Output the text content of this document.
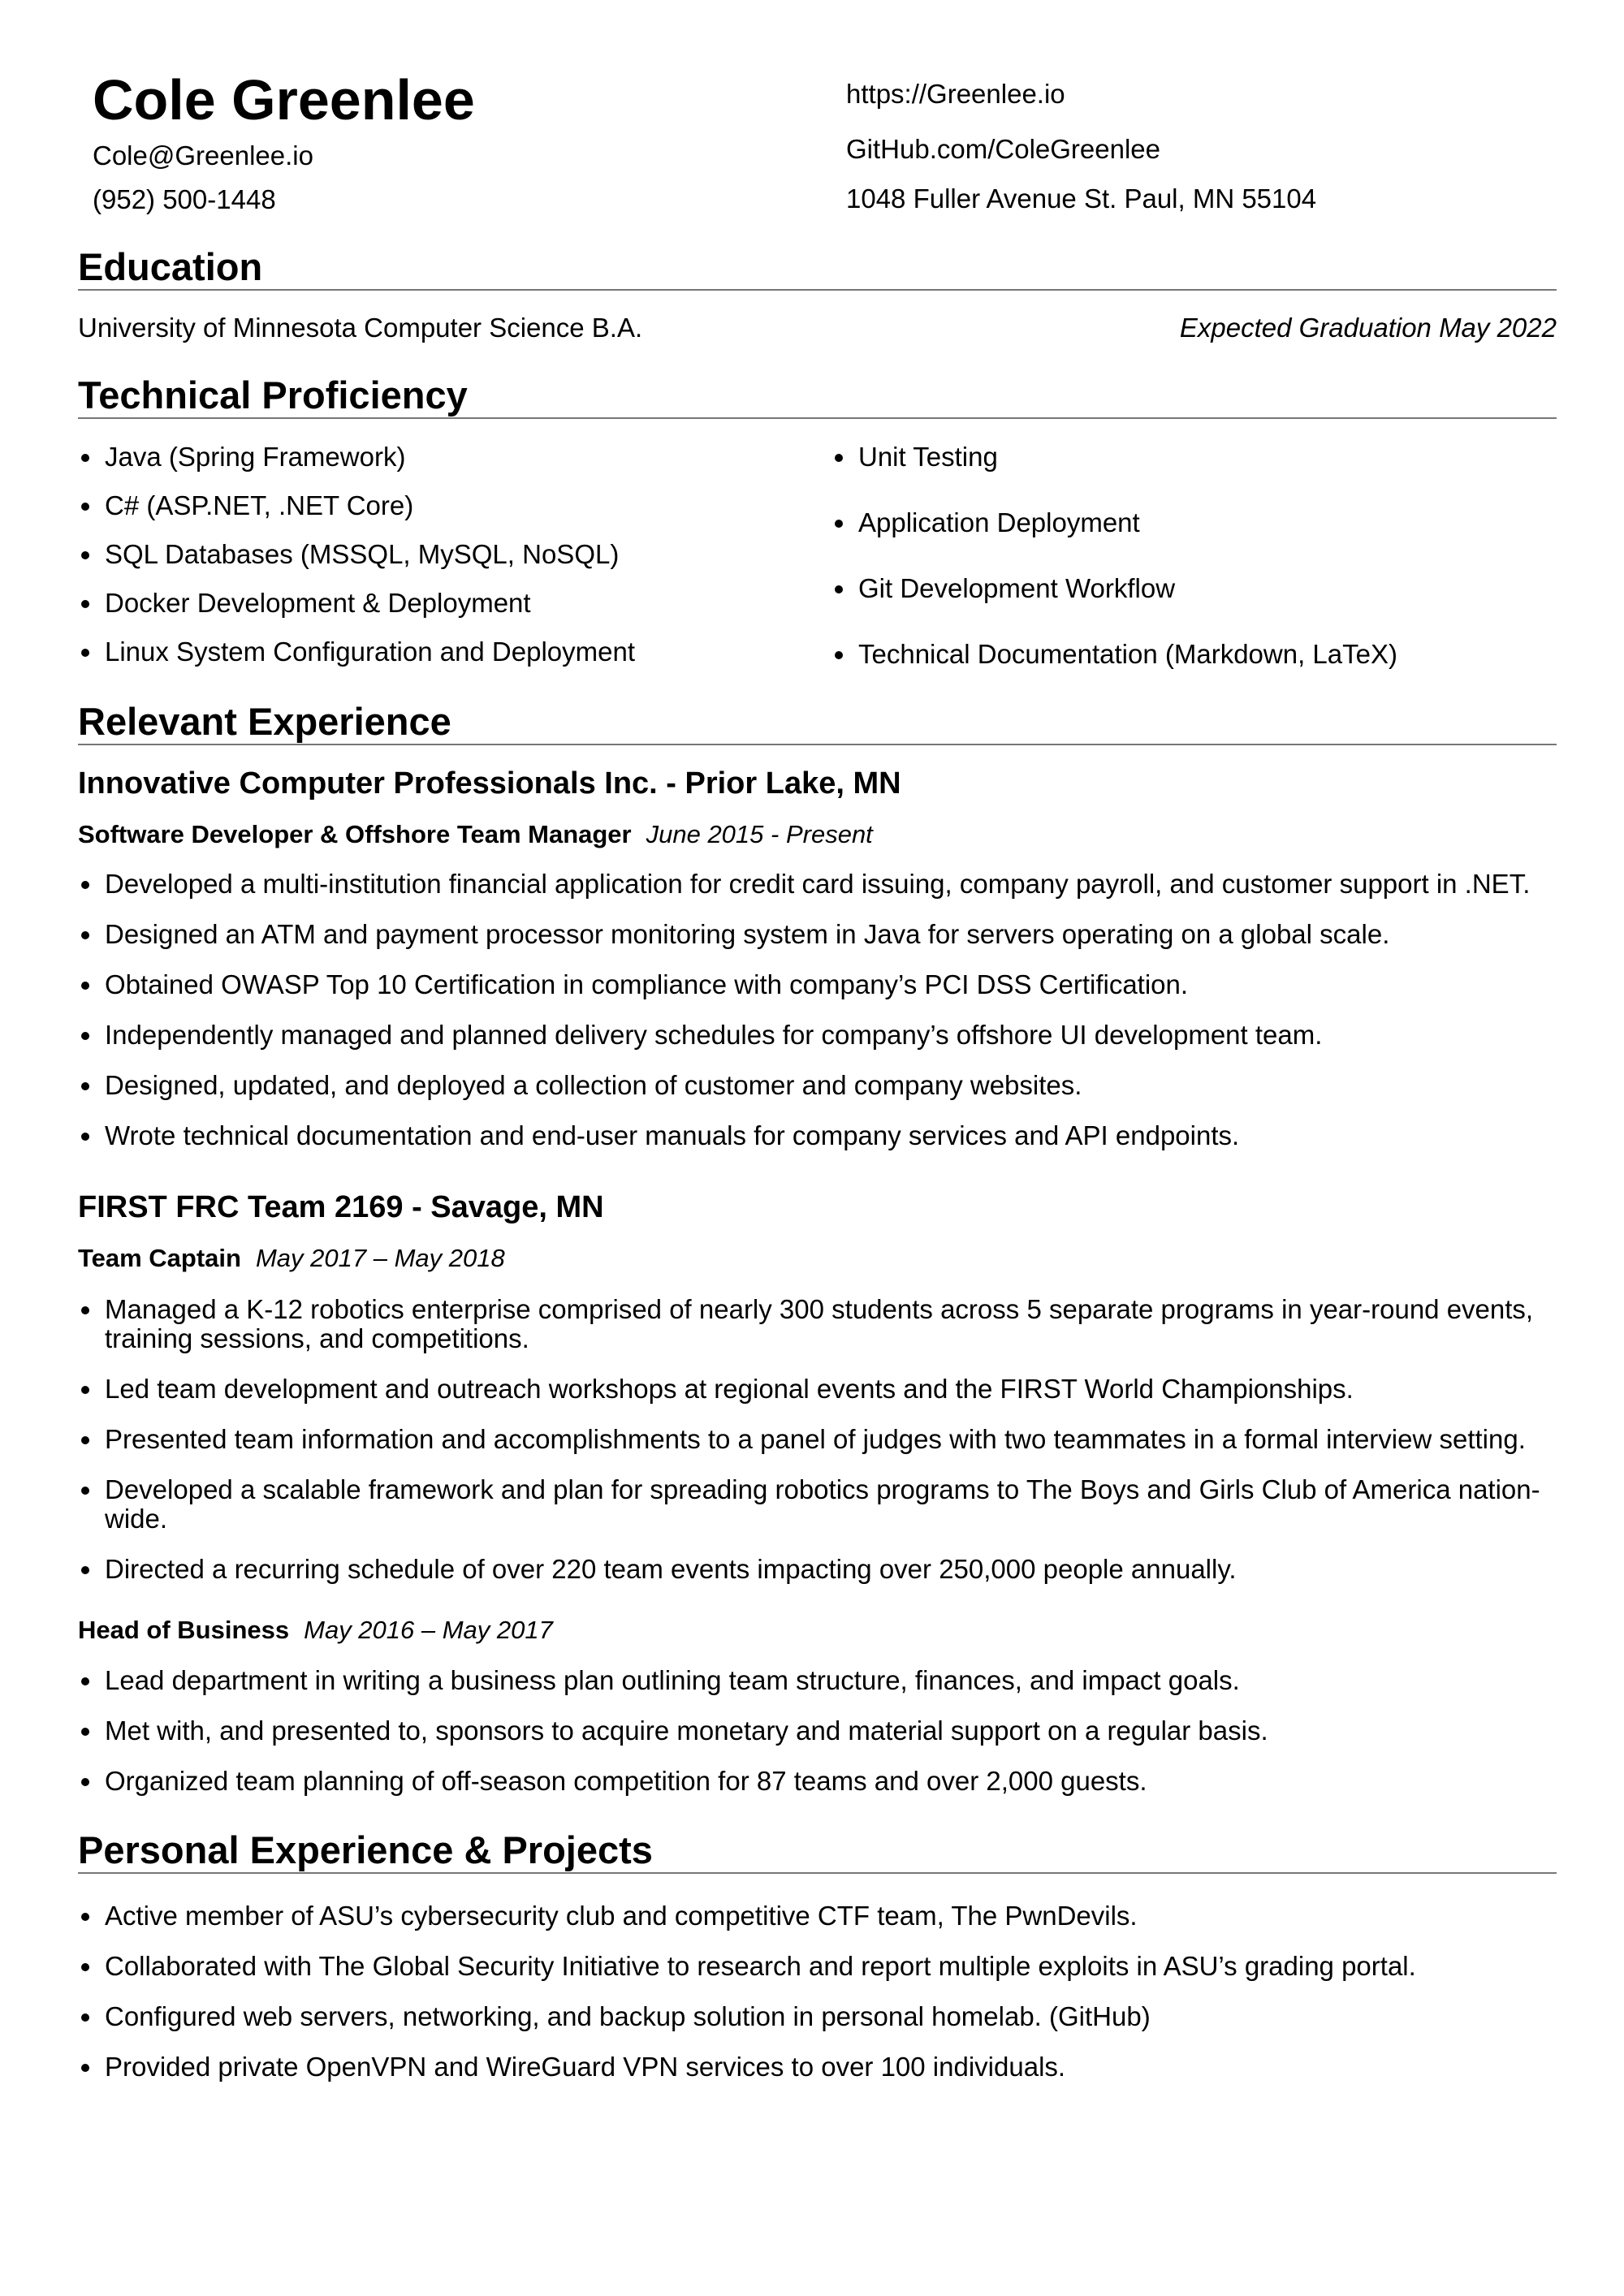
Cole Greenlee
Cole@Greenlee.io
(952) 500-1448
https://Greenlee.io
GitHub.com/ColeGreenlee
1048 Fuller Avenue St. Paul, MN 55104
Education
University of Minnesota Computer Science B.A.	Expected Graduation May 2022
Technical Proficiency
Java (Spring Framework)
C# (ASP.NET, .NET Core)
SQL Databases (MSSQL, MySQL, NoSQL)
Docker Development & Deployment
Linux System Configuration and Deployment
Unit Testing
Application Deployment
Git Development Workflow
Technical Documentation (Markdown, LaTeX)
Relevant Experience
Innovative Computer Professionals Inc. - Prior Lake, MN
Software Developer & Offshore Team Manager June 2015 - Present
Developed a multi-institution financial application for credit card issuing, company payroll, and customer support in .NET.
Designed an ATM and payment processor monitoring system in Java for servers operating on a global scale.
Obtained OWASP Top 10 Certification in compliance with company’s PCI DSS Certification.
Independently managed and planned delivery schedules for company’s offshore UI development team.
Designed, updated, and deployed a collection of customer and company websites.
Wrote technical documentation and end-user manuals for company services and API endpoints.
FIRST FRC Team 2169 - Savage, MN
Team Captain May 2017 – May 2018
Managed a K-12 robotics enterprise comprised of nearly 300 students across 5 separate programs in year-round events, training sessions, and competitions.
Led team development and outreach workshops at regional events and the FIRST World Championships.
Presented team information and accomplishments to a panel of judges with two teammates in a formal interview setting.
Developed a scalable framework and plan for spreading robotics programs to The Boys and Girls Club of America nation-wide.
Directed a recurring schedule of over 220 team events impacting over 250,000 people annually.
Head of Business May 2016 – May 2017
Lead department in writing a business plan outlining team structure, finances, and impact goals.
Met with, and presented to, sponsors to acquire monetary and material support on a regular basis.
Organized team planning of off-season competition for 87 teams and over 2,000 guests.
Personal Experience & Projects
Active member of ASU’s cybersecurity club and competitive CTF team, The PwnDevils.
Collaborated with The Global Security Initiative to research and report multiple exploits in ASU’s grading portal.
Configured web servers, networking, and backup solution in personal homelab. (GitHub)
Provided private OpenVPN and WireGuard VPN services to over 100 individuals.
